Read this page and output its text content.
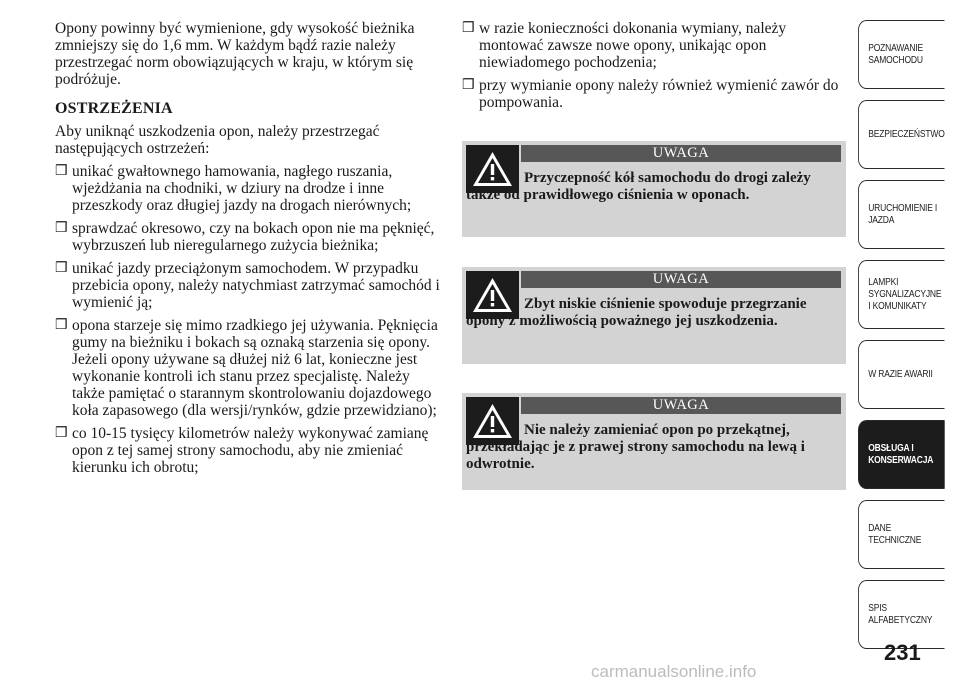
Opony powinny być wymienione, gdy wysokość bieżnika zmniejszy się do 1,6 mm. W każdym bądź razie należy przestrzegać norm obowiązujących w kraju, w którym się podróżuje.

OSTRZEŻENIA

Aby uniknąć uszkodzenia opon, należy przestrzegać następujących ostrzeżeń:

❒ unikać gwałtownego hamowania, nagłego ruszania, wjeżdżania na chodniki, w dziury na drodze i inne przeszkody oraz długiej jazdy na drogach nierównych;
❒ sprawdzać okresowo, czy na bokach opon nie ma pęknięć, wybrzuszeń lub nieregularnego zużycia bieżnika;
❒ unikać jazdy przeciążonym samochodem. W przypadku przebicia opony, należy natychmiast zatrzymać samochód i wymienić ją;
❒ opona starzeje się mimo rzadkiego jej używania. Pęknięcia gumy na bieżniku i bokach są oznaką starzenia się opony. Jeżeli opony używane są dłużej niż 6 lat, konieczne jest wykonanie kontroli ich stanu przez specjalistę. Należy także pamiętać o starannym skontrolowaniu dojazdowego koła zapasowego (dla wersji/rynków, gdzie przewidziano);
❒ co 10-15 tysięcy kilometrów należy wykonywać zamianę opon z tej samej strony samochodu, aby nie zmieniać kierunku ich obrotu;
❒ w razie konieczności dokonania wymiany, należy montować zawsze nowe opony, unikając opon niewiadomego pochodzenia;
❒ przy wymianie opony należy również wymienić zawór do pompowania.
UWAGA
Przyczepność kół samochodu do drogi zależy także od prawidłowego ciśnienia w oponach.
UWAGA
Zbyt niskie ciśnienie spowoduje przegrzanie opony z możliwością poważnego jej uszkodzenia.
UWAGA
Nie należy zamieniać opon po przekątnej, przekładając je z prawej strony samochodu na lewą i odwrotnie.
POZNAWANIE SAMOCHODU
BEZPIECZEŃSTWO
URUCHOMIENIE I JAZDA
LAMPKI SYGNALIZACYJNE I KOMUNIKATY
W RAZIE AWARII
OBSŁUGA I KONSERWACJA
DANE TECHNICZNE
SPIS ALFABETYCZNY
231
carmanualsonline.info
